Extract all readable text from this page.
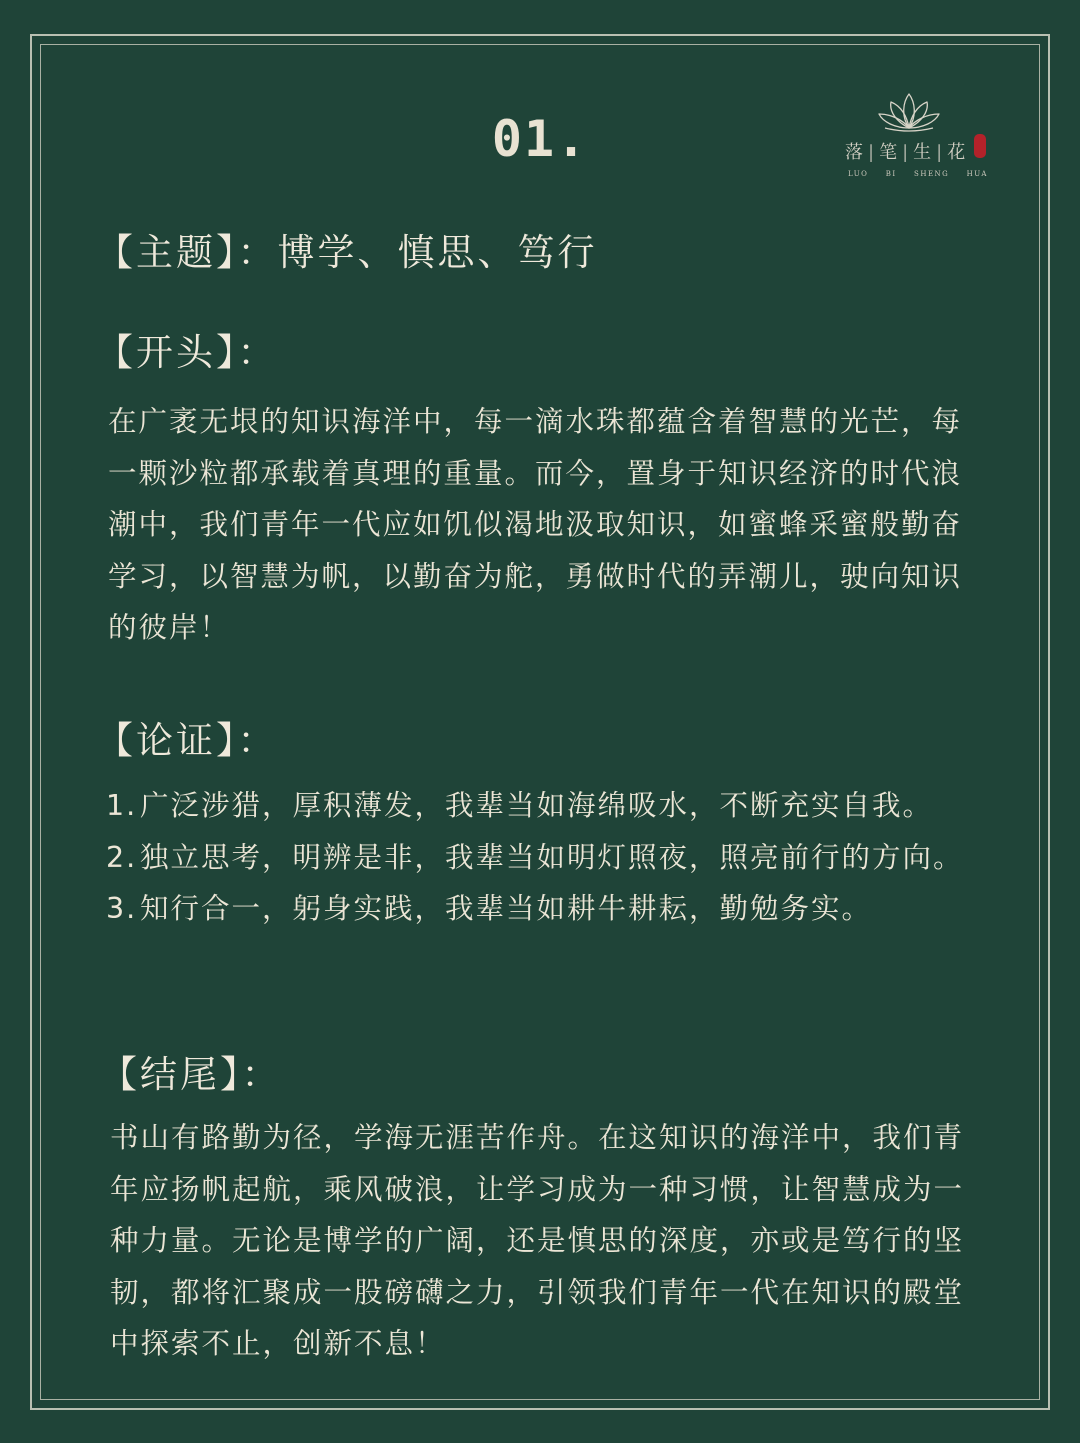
01.	落 | 笔 | 生 | 花
LUO BI SHENG HUA
【主题】：博学、慎思、笃行
【开头】：

在广袤无垠的知识海洋中，每一滴水珠都蕴含着智慧的光芒，每一颗沙粒都承载着真理的重量。而今，置身于知识经济的时代浪潮中，我们青年一代应如饥似渴地汲取知识，如蜜蜂采蜜般勤奋学习，以智慧为帆，以勤奋为舵，勇做时代的弄潮儿，驶向知识的彼岸！

【论证】：
1. 广泛涉猎，厚积薄发，我辈当如海绵吸水，不断充实自我。
2. 独立思考，明辨是非，我辈当如明灯照夜，照亮前行的方向。
3. 知行合一，躬身实践，我辈当如耕牛耕耘，勤勉务实。
【结尾】：

书山有路勤为径，学海无涯苦作舟。在这知识的海洋中，我们青年应扬帆起航，乘风破浪，让学习成为一种习惯，让智慧成为一种力量。无论是博学的广阔，还是慎思的深度，亦或是笃行的坚韧，都将汇聚成一股磅礴之力，引领我们青年一代在知识的殿堂中探索不止，创新不息！
